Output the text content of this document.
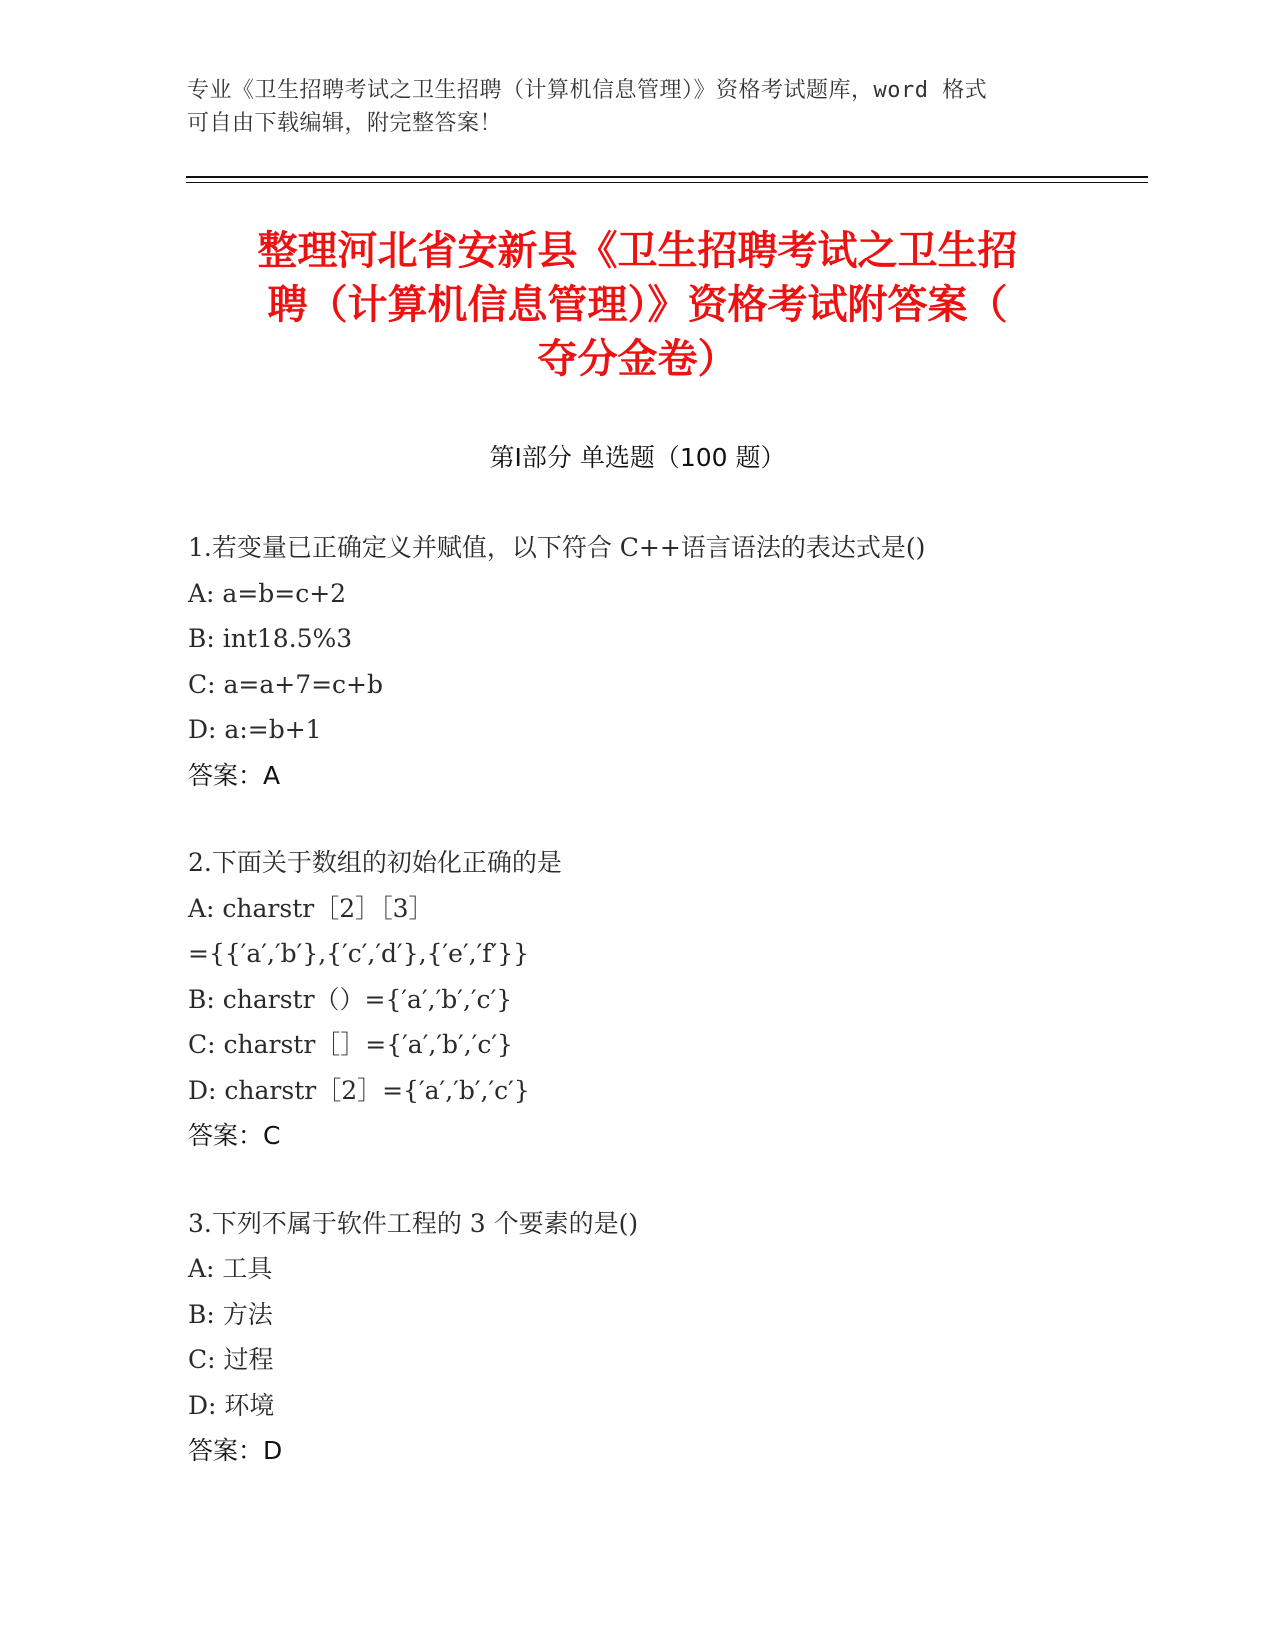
专业《卫生招聘考试之卫生招聘（计算机信息管理）》资格考试题库，word 格式
可自由下载编辑，附完整答案！
整理河北省安新县《卫生招聘考试之卫生招
聘（计算机信息管理）》资格考试附答案（
夺分金卷）
第Ⅰ部分 单选题（100 题）
1.若变量已正确定义并赋值，以下符合 C++语言语法的表达式是()
A: a=b=c+2
B: int18.5%3
C: a=a+7=c+b
D: a:=b+1
答案：A
2.下面关于数组的初始化正确的是
A: charstr［2］［3］
={{′a′,′b′},{′c′,′d′},{′e′,′f′}}
B: charstr（）={′a′,′b′,′c′}
C: charstr［］={′a′,′b′,′c′}
D: charstr［2］={′a′,′b′,′c′}
答案：C
3.下列不属于软件工程的 3 个要素的是()
A: 工具
B: 方法
C: 过程
D: 环境
答案：D
